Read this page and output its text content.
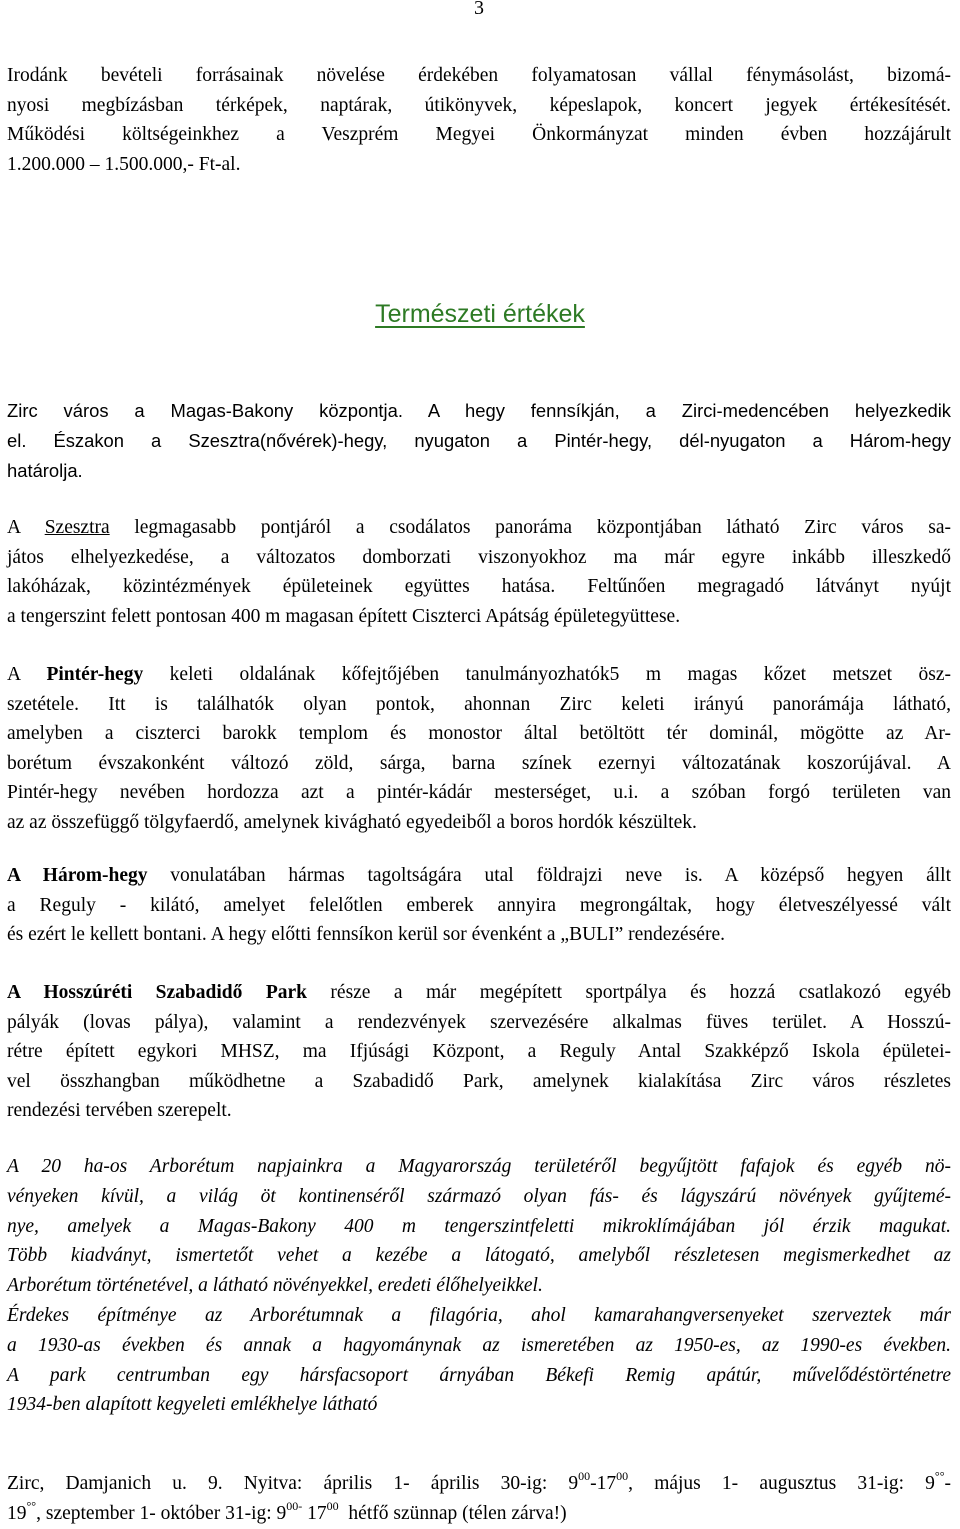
3
Irodánk bevételi forrásainak növelése érdekében folyamatosan vállal fénymásolást, bizomá-
nyosi megbízásban térképek, naptárak, útikönyvek, képeslapok, koncert jegyek értékesítését.
Működési költségeinkhez a Veszprém Megyei Önkormányzat minden évben hozzájárult
1.200.000 – 1.500.000,- Ft-al.
Természeti értékek
Zirc város a Magas-Bakony központja. A hegy fennsíkján, a Zirci-medencében helyezkedik
el. Északon a Szesztra(nővérek)-hegy, nyugaton a Pintér-hegy, dél-nyugaton a Három-hegy
határolja.
A Szesztra legmagasabb pontjáról a csodálatos panoráma központjában látható Zirc város sa-
játos elhelyezkedése, a változatos domborzati viszonyokhoz ma már egyre inkább illeszkedő
lakóházak, közintézmények épületeinek együttes hatása. Feltűnően megragadó látványt nyújt
a tengerszint felett pontosan 400 m magasan épített Ciszterci Apátság épületegyüttese.
A Pintér-hegy keleti oldalának kőfejtőjében tanulmányozhatók5 m magas kőzet metszet ösz-
szetétele. Itt is találhatók olyan pontok, ahonnan Zirc keleti irányú panorámája látható,
amelyben a ciszterci barokk templom és monostor által betöltött tér dominál, mögötte az Ar-
borétum évszakonként változó zöld, sárga, barna színek ezernyi változatának koszorújával. A
Pintér-hegy nevében hordozza azt a pintér-kádár mesterséget, u.i. a szóban forgó területen van
az az összefüggő tölgyfaerdő, amelynek kivágható egyedeiből a boros hordók készültek.
A Három-hegy vonulatában hármas tagoltságára utal földrajzi neve is. A középső hegyen állt
a Reguly - kilátó, amelyet felelőtlen emberek annyira megrongáltak, hogy életveszélyessé vált
és ezért le kellett bontani. A hegy előtti fennsíkon kerül sor évenként a „BULI” rendezésére.
A Hosszúréti Szabadidő Park része a már megépített sportpálya és hozzá csatlakozó egyéb
pályák (lovas pálya), valamint a rendezvények szervezésére alkalmas füves terület. A Hosszú-
rétre épített egykori MHSZ, ma Ifjúsági Központ, a Reguly Antal Szakképző Iskola épületei-
vel összhangban működhetne a Szabadidő Park, amelynek kialakítása Zirc város részletes
rendezési tervében szerepelt.
A 20 ha-os Arborétum napjainkra a Magyarország területéről begyűjtött fafajok és egyéb nö-
vényeken kívül, a világ öt kontinenséről származó olyan fás- és lágyszárú növények gyűjtemé-
nye, amelyek a Magas-Bakony 400 m tengerszintfeletti mikroklímájában jól érzik magukat.
Több kiadványt, ismertetőt vehet a kezébe a látogató, amelyből részletesen megismerkedhet az
Arborétum történetével, a látható növényekkel, eredeti élőhelyeikkel.
Érdekes építménye az Arborétumnak a filagória, ahol kamarahangversenyeket szerveztek már
a 1930-as években és annak a hagyománynak az ismeretében az 1950-es, az 1990-es években.
A park centrumban egy hársfacsoport árnyában Békefi Remig apátúr, művelődéstörténetre
1934-ben alapított kegyeleti emlékhelye látható
Zirc, Damjanich u. 9. Nyitva: április 1- április 30-ig: $9^{00}-17^{00}$, május 1- augusztus 31-ig: 9°°-
19°°, szeptember 1- október 31-ig: $9^{00-}$ $17^{00}$  hétfő szünnap (télen zárva!)
